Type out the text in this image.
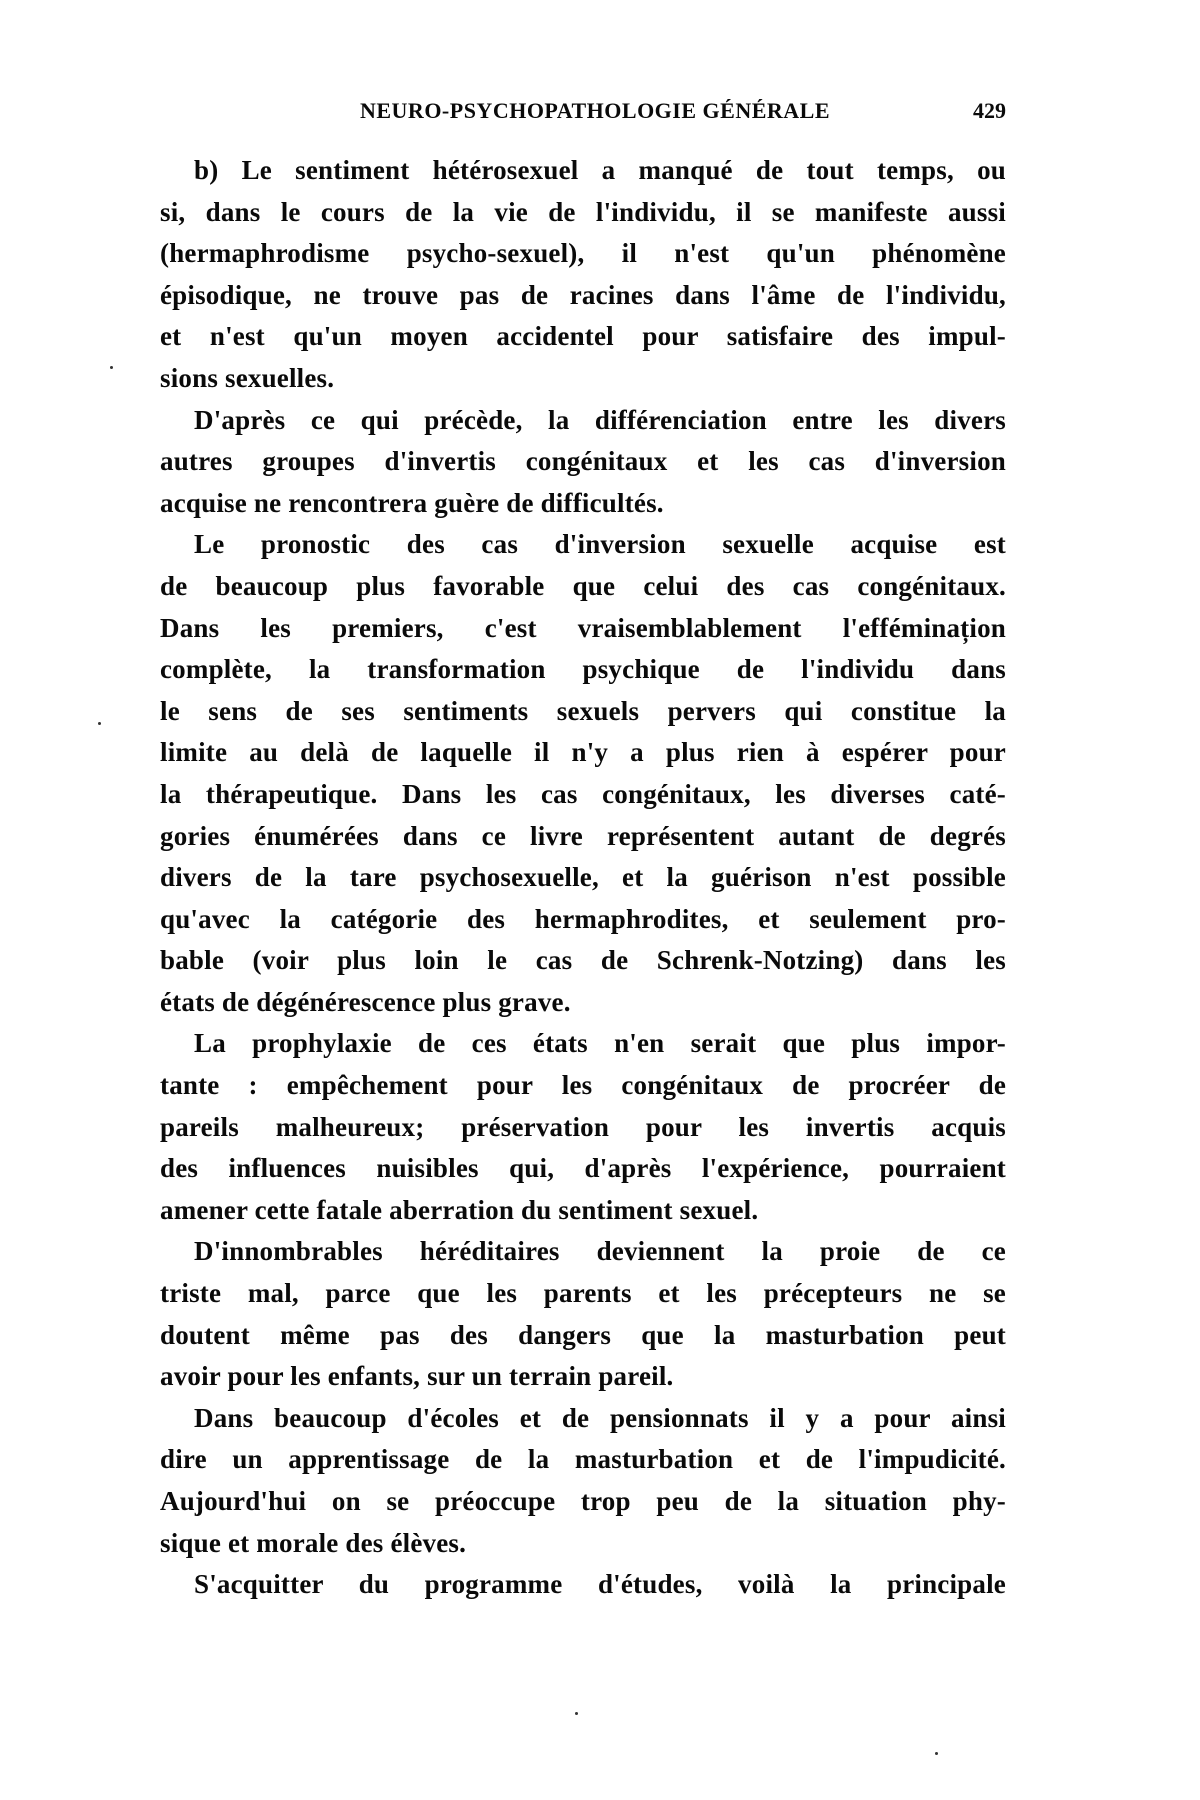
NEURO-PSYCHOPATHOLOGIE GÉNÉRALE	429
b) Le sentiment hétérosexuel a manqué de tout temps, ou
si, dans le cours de la vie de l'individu, il se manifeste aussi
(hermaphrodisme psycho-sexuel), il n'est qu'un phénomène
épisodique, ne trouve pas de racines dans l'âme de l'individu,
et n'est qu'un moyen accidentel pour satisfaire des impul-
sions sexuelles.
D'après ce qui précède, la différenciation entre les divers
autres groupes d'invertis congénitaux et les cas d'inversion
acquise ne rencontrera guère de difficultés.
Le pronostic des cas d'inversion sexuelle acquise est
de beaucoup plus favorable que celui des cas congénitaux.
Dans les premiers, c'est vraisemblablement l'efféminațion
complète, la transformation psychique de l'individu dans
le sens de ses sentiments sexuels pervers qui constitue la
limite au delà de laquelle il n'y a plus rien à espérer pour
la thérapeutique. Dans les cas congénitaux, les diverses caté-
gories énumérées dans ce livre représentent autant de degrés
divers de la tare psychosexuelle, et la guérison n'est possible
qu'avec la catégorie des hermaphrodites, et seulement pro-
bable (voir plus loin le cas de Schrenk-Notzing) dans les
états de dégénérescence plus grave.
La prophylaxie de ces états n'en serait que plus impor-
tante : empêchement pour les congénitaux de procréer de
pareils malheureux; préservation pour les invertis acquis
des influences nuisibles qui, d'après l'expérience, pourraient
amener cette fatale aberration du sentiment sexuel.
D'innombrables héréditaires deviennent la proie de ce
triste mal, parce que les parents et les précepteurs ne se
doutent même pas des dangers que la masturbation peut
avoir pour les enfants, sur un terrain pareil.
Dans beaucoup d'écoles et de pensionnats il y a pour ainsi
dire un apprentissage de la masturbation et de l'impudicité.
Aujourd'hui on se préoccupe trop peu de la situation phy-
sique et morale des élèves.
S'acquitter du programme d'études, voilà la principale
